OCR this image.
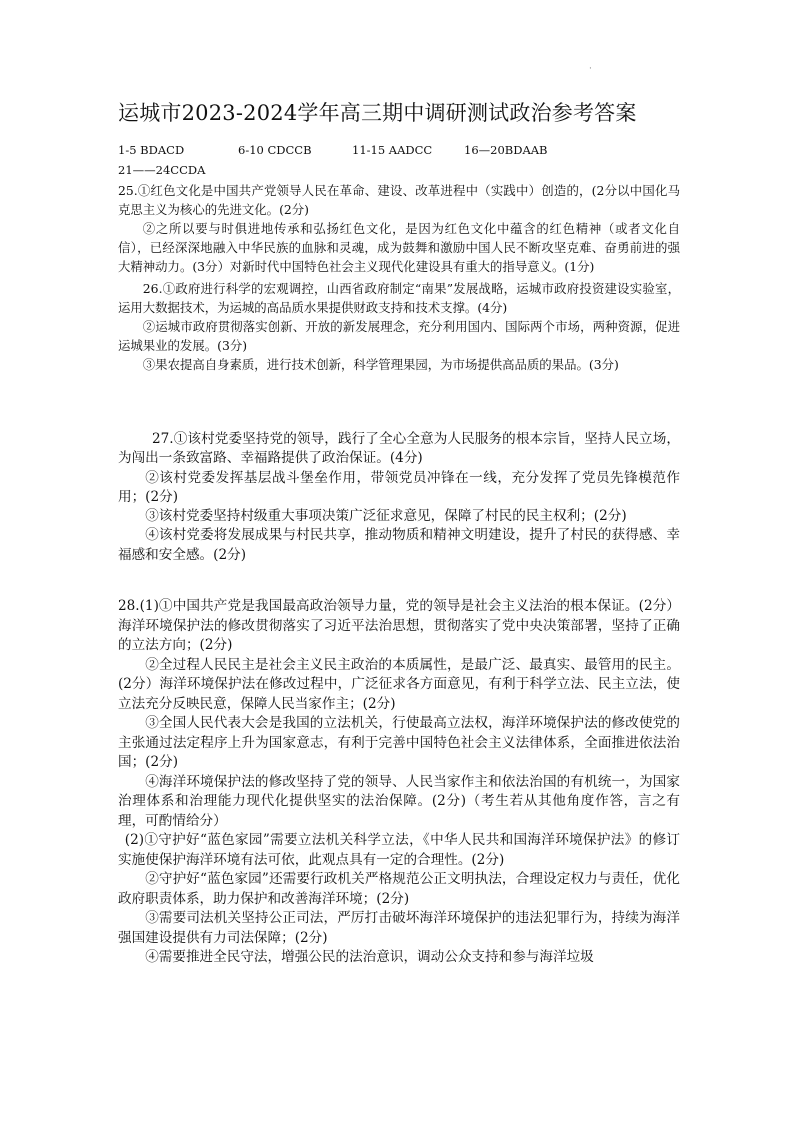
·
运城市2023-2024学年高三期中调研测试政治参考答案
1-5 BDACD	6-10 CDCCB	11-15 AADCC	16—20BDAAB
21——24CCDA

25.①红色文化是中国共产党领导人民在革命、建设、改革进程中（实践中）创造的，(2分以中国化马克思主义为核心的先进文化。(2分)

②之所以要与时俱进地传承和弘扬红色文化，是因为红色文化中蕴含的红色精神（或者文化自信），已经深深地融入中华民族的血脉和灵魂，成为鼓舞和激励中国人民不断攻坚克难、奋勇前进的强大精神动力。(3分）对新时代中国特色社会主义现代化建设具有重大的指导意义。(1分)

26.①政府进行科学的宏观调控，山西省政府制定“南果”发展战略，运城市政府投资建设实验室，运用大数据技术，为运城的高品质水果提供财政支持和技术支撑。(4分)

②运城市政府贯彻落实创新、开放的新发展理念，充分利用国内、国际两个市场，两种资源，促进运城果业的发展。(3分)

③果农提高自身素质，进行技术创新，科学管理果园，为市场提供高品质的果品。(3分)

27.①该村党委坚持党的领导，践行了全心全意为人民服务的根本宗旨，坚持人民立场，为闯出一条致富路、幸福路提供了政治保证。(4分)

②该村党委发挥基层战斗堡垒作用，带领党员冲锋在一线，充分发挥了党员先锋模范作用；(2分)

③该村党委坚持村级重大事项决策广泛征求意见，保障了村民的民主权利；(2分)

④该村党委将发展成果与村民共享，推动物质和精神文明建设，提升了村民的获得感、幸福感和安全感。(2分)

28.(1)①中国共产党是我国最高政治领导力量，党的领导是社会主义法治的根本保证。(2分）海洋环境保护法的修改贯彻落实了习近平法治思想，贯彻落实了党中央决策部署，坚持了正确的立法方向；(2分)

②全过程人民民主是社会主义民主政治的本质属性，是最广泛、最真实、最管用的民主。(2分）海洋环境保护法在修改过程中，广泛征求各方面意见，有利于科学立法、民主立法，使立法充分反映民意，保障人民当家作主；(2分)

③全国人民代表大会是我国的立法机关，行使最高立法权，海洋环境保护法的修改使党的主张通过法定程序上升为国家意志，有利于完善中国特色社会主义法律体系，全面推进依法治国；(2分)

④海洋环境保护法的修改坚持了党的领导、人民当家作主和依法治国的有机统一，为国家治理体系和治理能力现代化提供坚实的法治保障。(2分)（考生若从其他角度作答，言之有理，可酌情给分）

(2)①守护好“蓝色家园”需要立法机关科学立法，《中华人民共和国海洋环境保护法》的修订实施使保护海洋环境有法可依，此观点具有一定的合理性。(2分)

②守护好“蓝色家园”还需要行政机关严格规范公正文明执法，合理设定权力与责任，优化政府职责体系，助力保护和改善海洋环境；(2分)

③需要司法机关坚持公正司法，严厉打击破坏海洋环境保护的违法犯罪行为，持续为海洋强国建设提供有力司法保障；(2分)

④需要推进全民守法，增强公民的法治意识，调动公众支持和参与海洋垃圾
